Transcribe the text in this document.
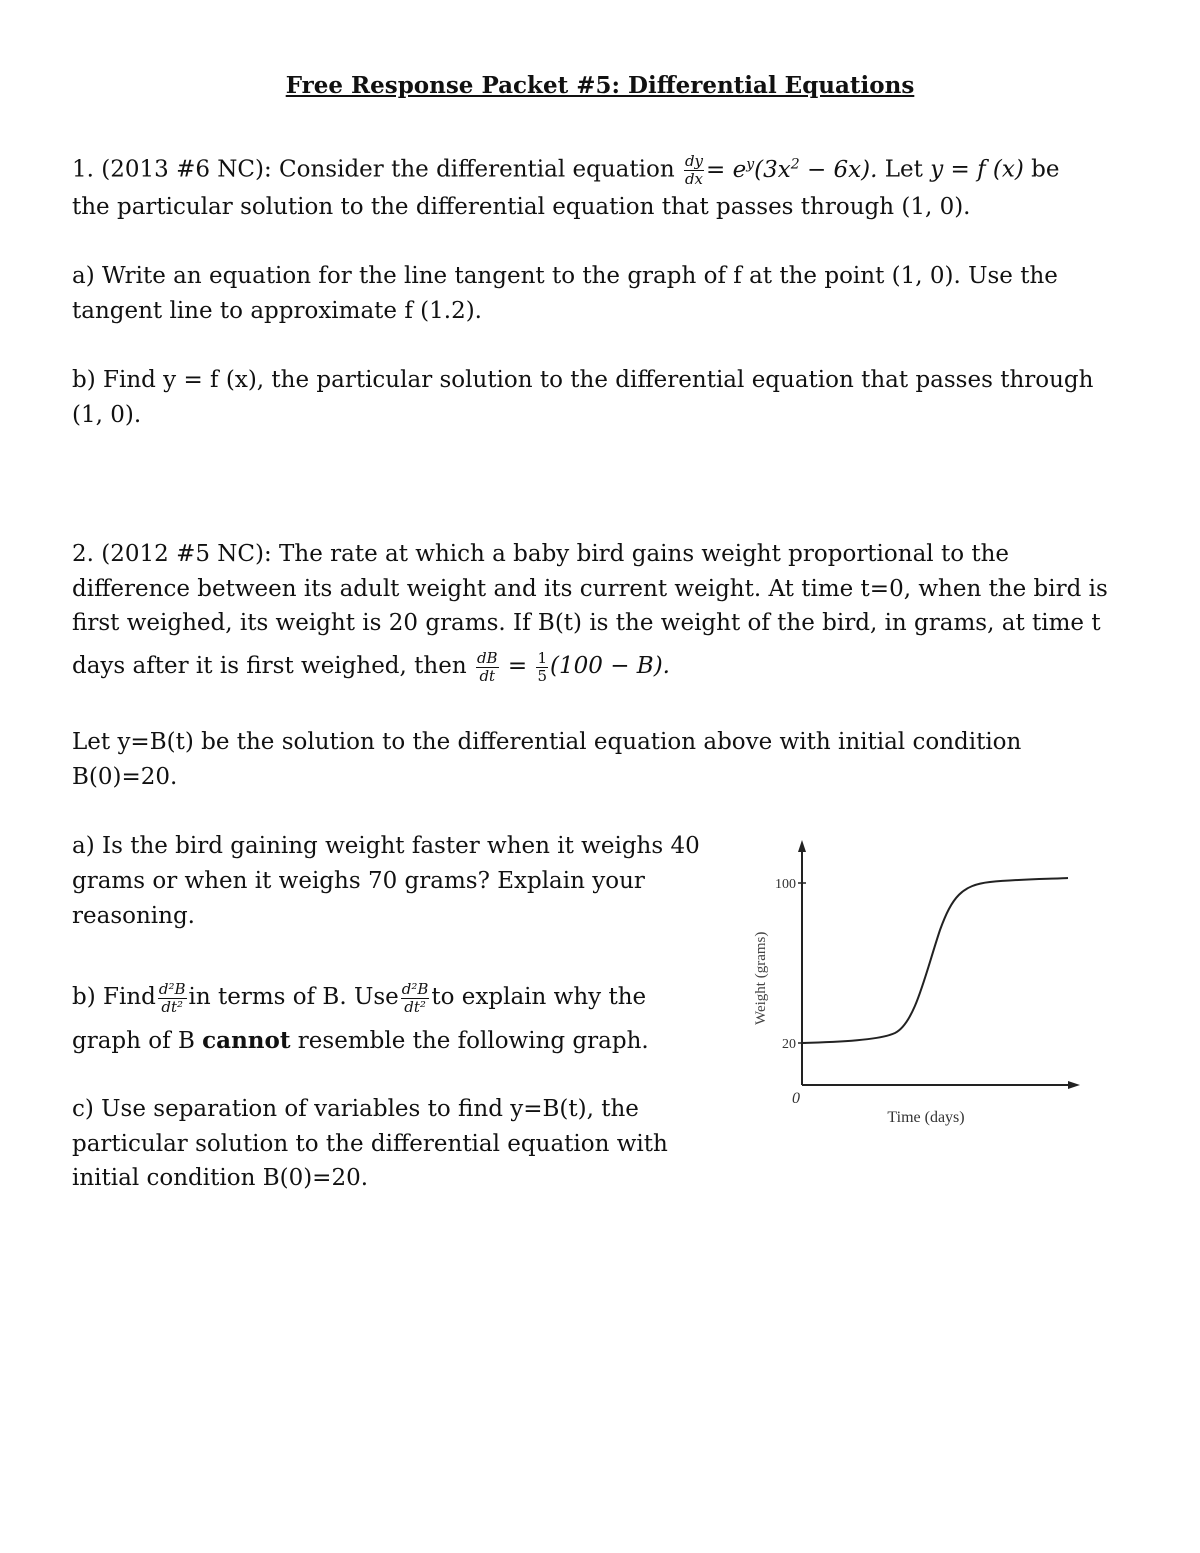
Free Response Packet #5: Differential Equations
1. (2013 #6 NC): Consider the differential equation $\frac{dy}{dx} = e^y(3x^2 - 6x)$. Let y = f (x) be
the particular solution to the differential equation that passes through (1, 0).
a) Write an equation for the line tangent to the graph of f at the point (1, 0). Use the
tangent line to approximate f (1.2).
b) Find y = f (x), the particular solution to the differential equation that passes through
(1, 0).
2. (2012 #5 NC): The rate at which a baby bird gains weight proportional to the
difference between its adult weight and its current weight. At time t=0, when the bird is
first weighed, its weight is 20 grams. If B(t) is the weight of the bird, in grams, at time t
days after it is first weighed, then $\frac{dB}{dt} = \frac{1}{5} (100 - B)$.
Let y=B(t) be the solution to the differential equation above with initial condition
B(0)=20.
a) Is the bird gaining weight faster when it weighs 40
grams or when it weighs 70 grams? Explain your
reasoning.
b) Find $\frac{\text{d²B}}{\text{dt²}}$ in terms of B. Use $\frac{\text{d²B}}{\text{dt²}}$ to explain why the
graph of B cannot resemble the following graph.
c) Use separation of variables to find y=B(t), the
particular solution to the differential equation with
initial condition B(0)=20.
100
20
0
Weight (grams)
Time (days)
